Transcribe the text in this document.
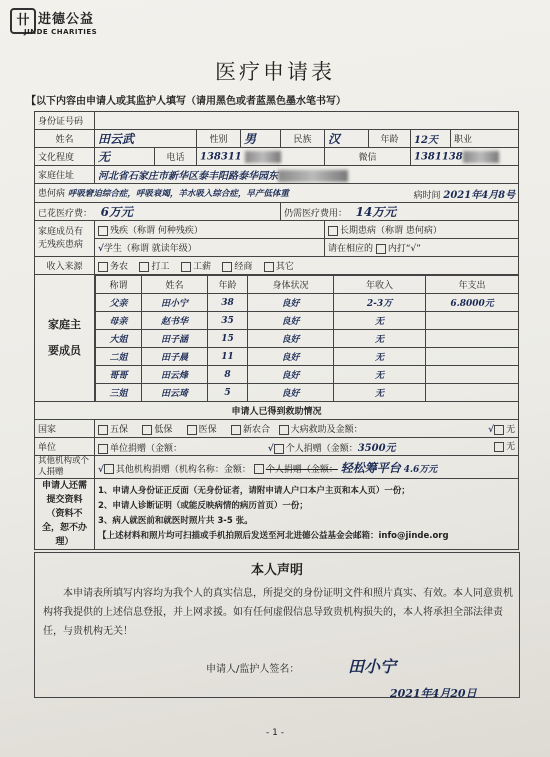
卄 进德公益
JINDE CHARITIES
医疗申请表
【以下内容由申请人或其监护人填写（请用黑色或者蓝黑色墨水笔书写）
身份证号码	
姓名	田云武	性别	男	民族	汉	年龄	12天	职业
文化程度	无	电话	138311	微信	1381138
家庭住址	河北省石家庄市新华区泰丰阳路泰华园东
患何病 呼吸窘迫综合症，呼吸衰竭，羊水吸入综合症，早产低体重	病时间 2021年4月8号

已花医疗费： 6万元	仍需医疗费用： 14万元
家庭成员有无残疾患病	残疾（称谓 何种残疾）	长期患病（称谓 患何病）
√学生（称谓 就读年级）	请在相应的 内打“√”
收入来源	务农	打工	工薪	经商	其它
家庭主要成员	
称谓	姓名	年龄	身体状况	年收入	年支出
父亲	田小宁	38	良好	2-3万	6.8000元
母亲	赵书华	35	良好	无	
大姐	田子涵	15	良好	无	
二姐	田子晨	11	良好	无	
哥哥	田云烽	8	良好	无	
三姐	田云琦	5	良好	无	

申请人已得到救助情况
国家	五保	低保	医保	新农合 大病救助及金额：	√ 无

单位	单位捐赠（金额：	√ 个人捐赠（金额：3500元	无

其他机构或个人捐赠	√ 其他机构捐赠（机构名称：金额： 个人捐赠（金额： 轻松筹平台 4.6万元
申请人还需提交资料（资料不全，恕不办理）	
1、申请人身份证正反面（无身份证者，请附申请人户口本户主页和本人页）一份；
2、申请人诊断证明（或能反映病情的病历首页）一份；
3、病人就医前和就医时照片共 3-5 张。
【上述材料和照片均可扫描或手机拍照后发送至河北进德公益基金会邮箱：info@jinde.org
本人声明
本申请表所填写内容均为我个人的真实信息，所提交的身份证明文件和照片真实、有效。本人同意贵机构将我提供的上述信息登报，并上网求援。如有任何虚假信息导致贵机构损失的，本人将承担全部法律责任，与贵机构无关！
申请人/监护人签名：	田小宁
2021年4月20日
- 1 -
